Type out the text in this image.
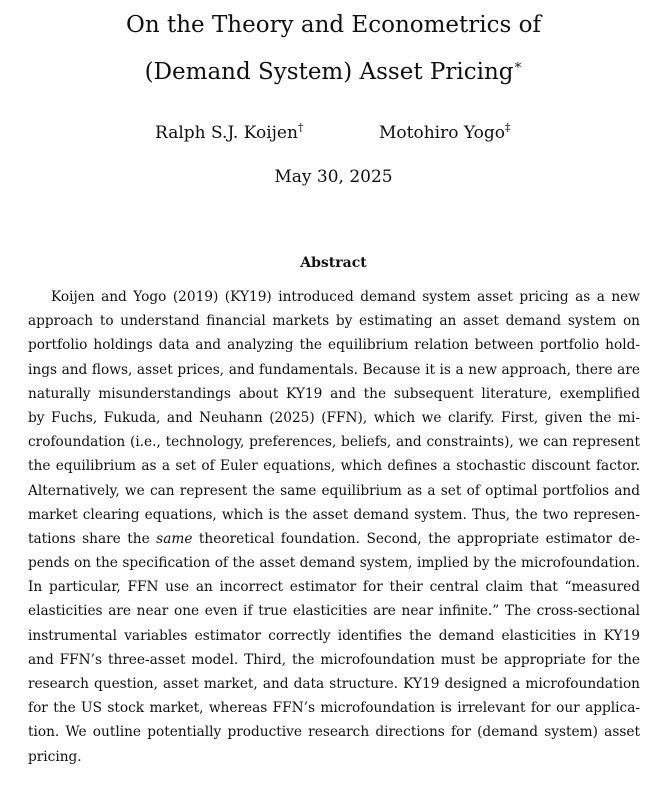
On the Theory and Econometrics of
(Demand System) Asset Pricing∗
Ralph S.J. Koijen†	Motohiro Yogo‡
May 30, 2025
Abstract
Koijen and Yogo (2019) (KY19) introduced demand system asset pricing as a new
approach to understand financial markets by estimating an asset demand system on
portfolio holdings data and analyzing the equilibrium relation between portfolio hold-
ings and flows, asset prices, and fundamentals. Because it is a new approach, there are
naturally misunderstandings about KY19 and the subsequent literature, exemplified
by Fuchs, Fukuda, and Neuhann (2025) (FFN), which we clarify. First, given the mi-
crofoundation (i.e., technology, preferences, beliefs, and constraints), we can represent
the equilibrium as a set of Euler equations, which defines a stochastic discount factor.
Alternatively, we can represent the same equilibrium as a set of optimal portfolios and
market clearing equations, which is the asset demand system. Thus, the two represen-
tations share the same theoretical foundation. Second, the appropriate estimator de-
pends on the specification of the asset demand system, implied by the microfoundation.
In particular, FFN use an incorrect estimator for their central claim that “measured
elasticities are near one even if true elasticities are near infinite.” The cross-sectional
instrumental variables estimator correctly identifies the demand elasticities in KY19
and FFN’s three-asset model. Third, the microfoundation must be appropriate for the
research question, asset market, and data structure. KY19 designed a microfoundation
for the US stock market, whereas FFN’s microfoundation is irrelevant for our applica-
tion. We outline potentially productive research directions for (demand system) asset
pricing.
